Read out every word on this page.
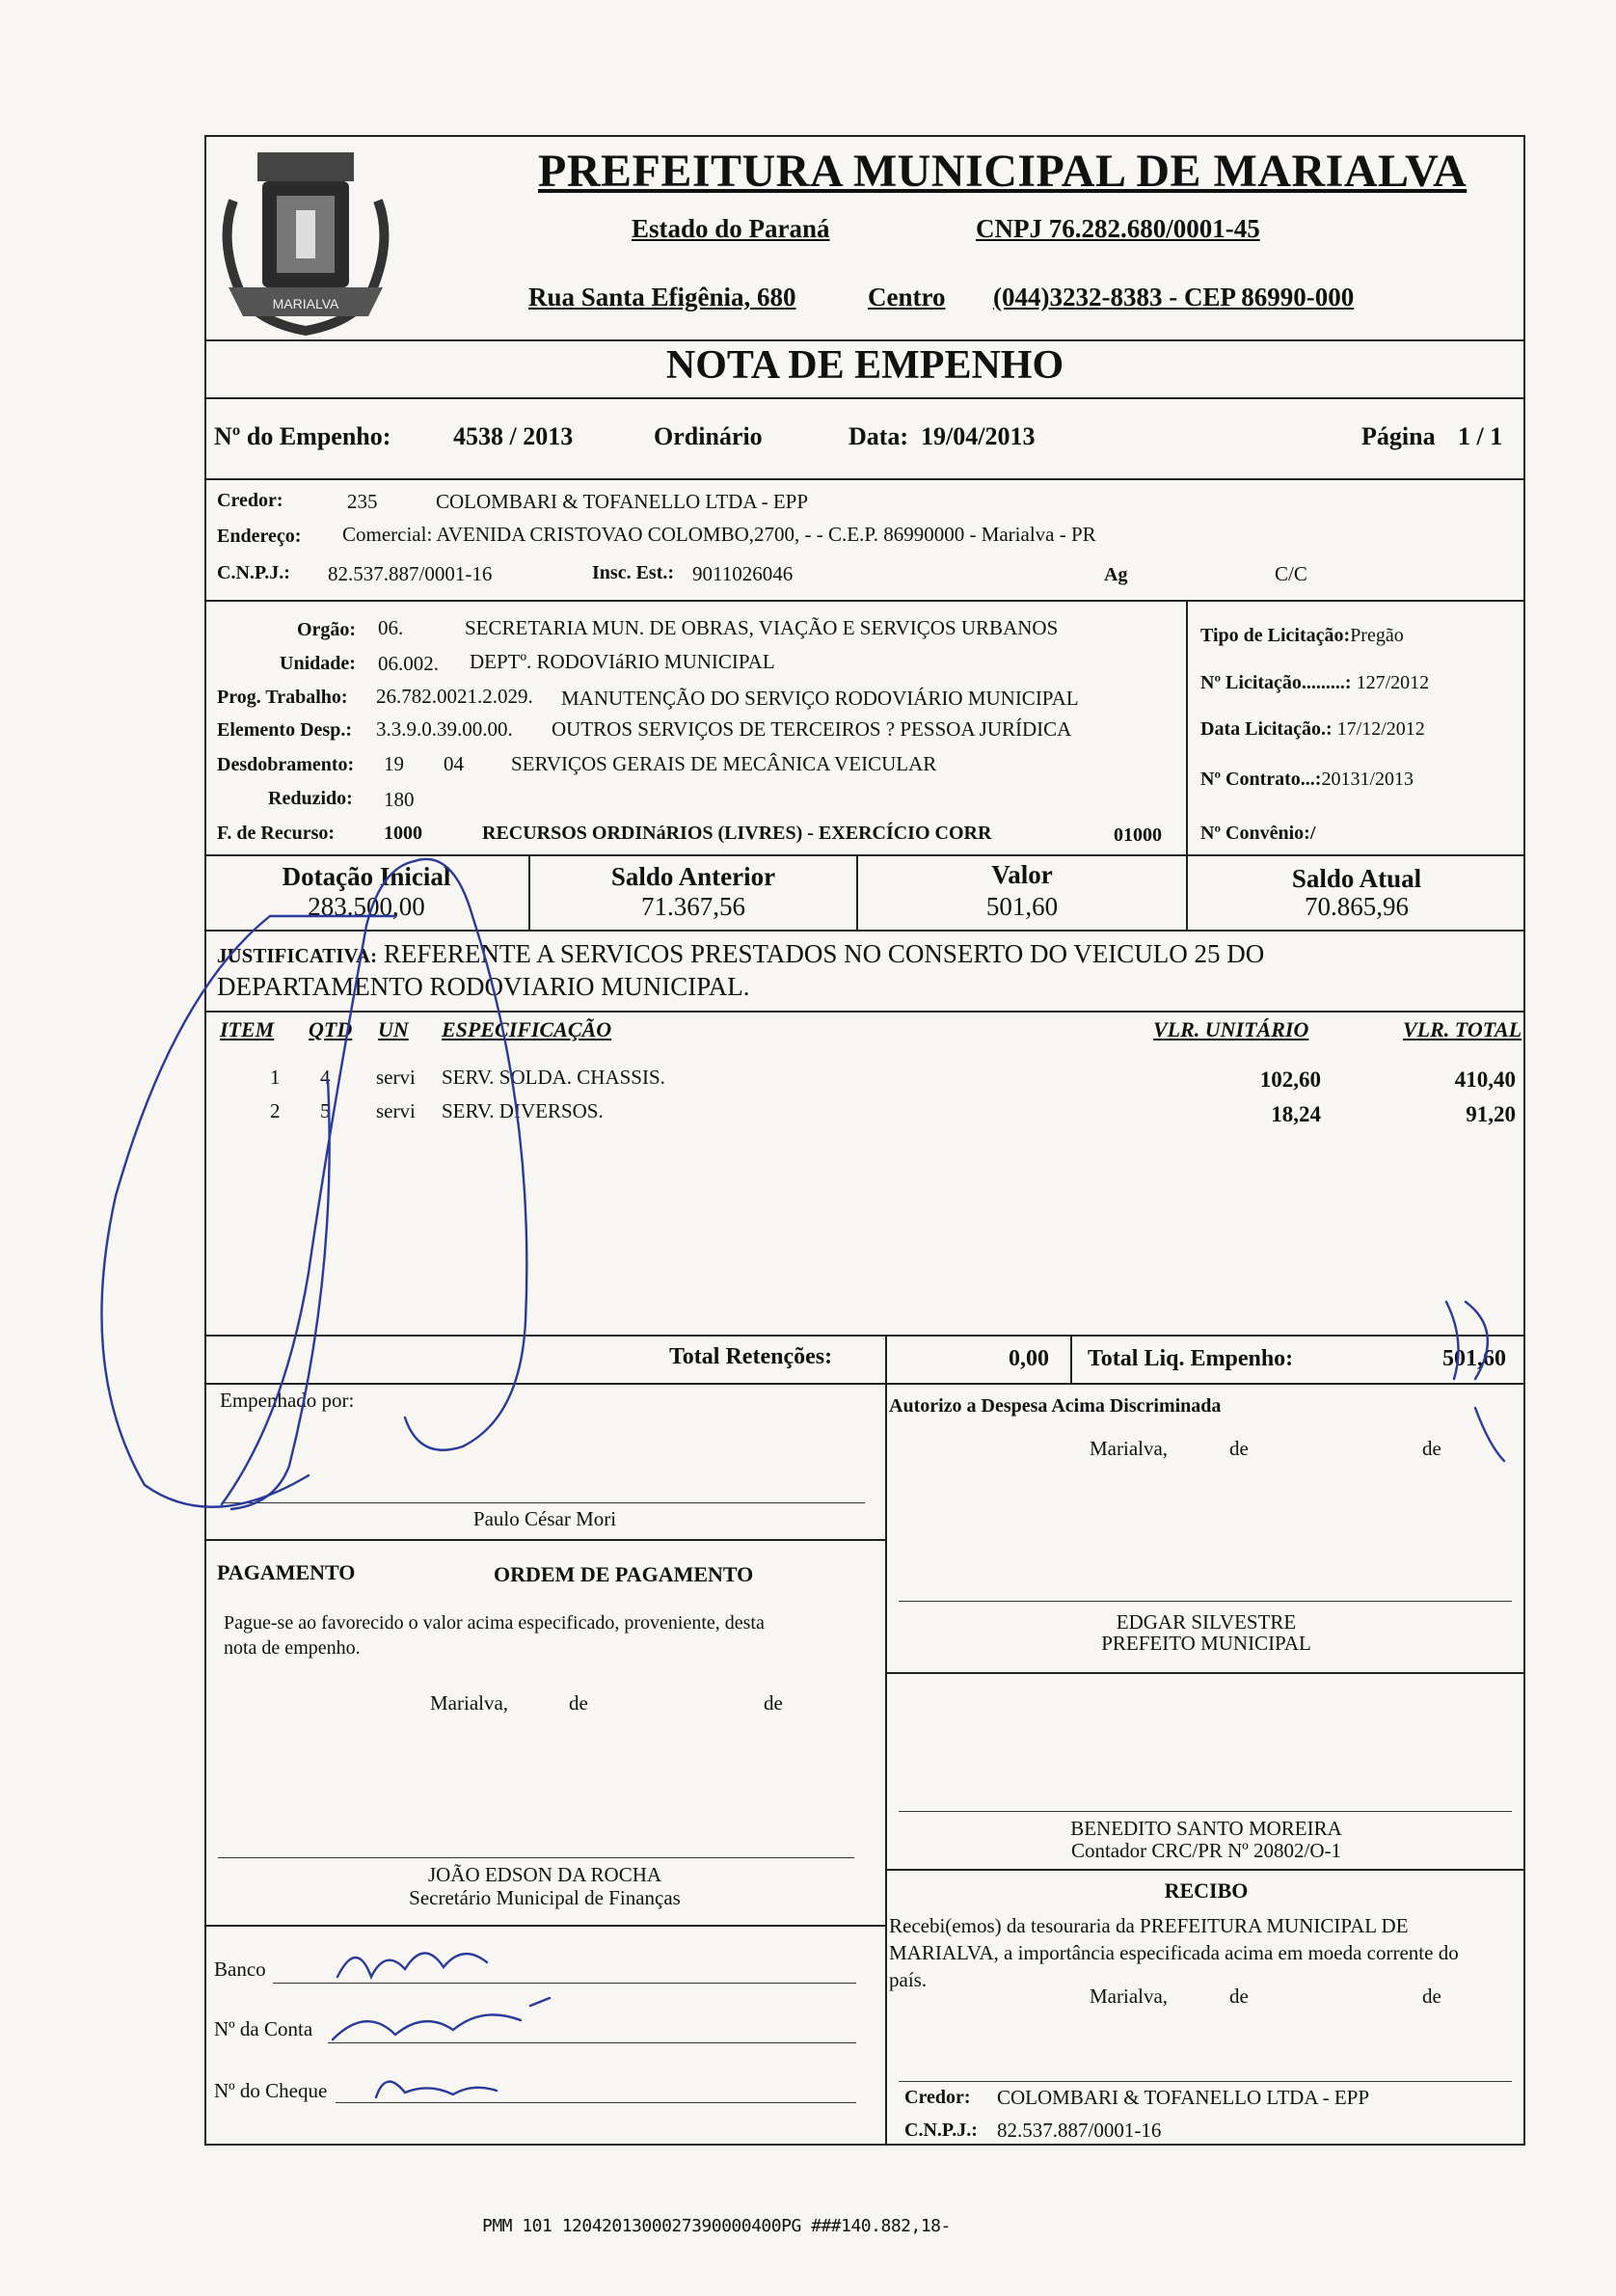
MARIALVA
PREFEITURA MUNICIPAL DE MARIALVA
Estado do Paraná	CNPJ 76.282.680/0001-45
Rua Santa Efigênia, 680	Centro (044)3232-8383 - CEP 86990-000
NOTA DE EMPENHO
Nº do Empenho: 4538 / 2013	Ordinário	Data: 19/04/2013	Página 1 / 1
Credor:	235	COLOMBARI & TOFANELLO LTDA - EPP
Endereço: Comercial: AVENIDA CRISTOVAO COLOMBO,2700, - - C.E.P. 86990000 - Marialva - PR
C.N.P.J.: 82.537.887/0001-16	Insc. Est.: 9011026046	Ag	C/C
Orgão: 06.	SECRETARIA MUN. DE OBRAS, VIAÇÃO E SERVIÇOS URBANOS
Unidade: 06.002. DEPTº. RODOVIáRIO MUNICIPAL
Prog. Trabalho: 26.782.0021.2.029. MANUTENÇÃO DO SERVIÇO RODOVIÁRIO MUNICIPAL
Elemento Desp.: 3.3.9.0.39.00.00. OUTROS SERVIÇOS DE TERCEIROS ? PESSOA JURÍDICA
Desdobramento: 19 04 SERVIÇOS GERAIS DE MECÂNICA VEICULAR
Reduzido: 180
F. de Recurso:	1000	RECURSOS ORDINáRIOS (LIVRES) - EXERCÍCIO CORR	01000
Tipo de Licitação:Pregão
Nº Licitação.........: 127/2012
Data Licitação.: 17/12/2012
Nº Contrato...:20131/2013
Nº Convênio:/
Dotação Inicial
283.500,00
Saldo Anterior
71.367,56
Valor
501,60
Saldo Atual
70.865,96
JUSTIFICATIVA: REFERENTE A SERVICOS PRESTADOS NO CONSERTO DO VEICULO 25 DO
DEPARTAMENTO RODOVIARIO MUNICIPAL.
ITEM QTD UN ESPECIFICAÇÃO	VLR. UNITÁRIO	VLR. TOTAL
1 4 servi SERV. SOLDA. CHASSIS.	102,60	410,40
2 5 servi SERV. DIVERSOS.	18,24	91,20
Total Retenções:	0,00 Total Liq. Empenho:	501,60
Empenhado por:
Paulo César Mori
Autorizo a Despesa Acima Discriminada
Marialva,	de	de
PAGAMENTO	ORDEM DE PAGAMENTO
Pague-se ao favorecido o valor acima especificado, proveniente, desta
nota de empenho.
Marialva,	de	de
EDGAR SILVESTRE
PREFEITO MUNICIPAL
BENEDITO SANTO MOREIRA
Contador CRC/PR Nº 20802/O-1
JOÃO EDSON DA ROCHA
Secretário Municipal de Finanças	RECIBO
Recebi(emos) da tesouraria da PREFEITURA MUNICIPAL DE
MARIALVA, a importância especificada acima em moeda corrente do
país.
Marialva,	de	de
Credor: COLOMBARI & TOFANELLO LTDA - EPP
C.N.P.J.: 82.537.887/0001-16
Banco
Nº da Conta
Nº do Cheque
PMM 101 1204201300027390000400PG ###140.882,18-
